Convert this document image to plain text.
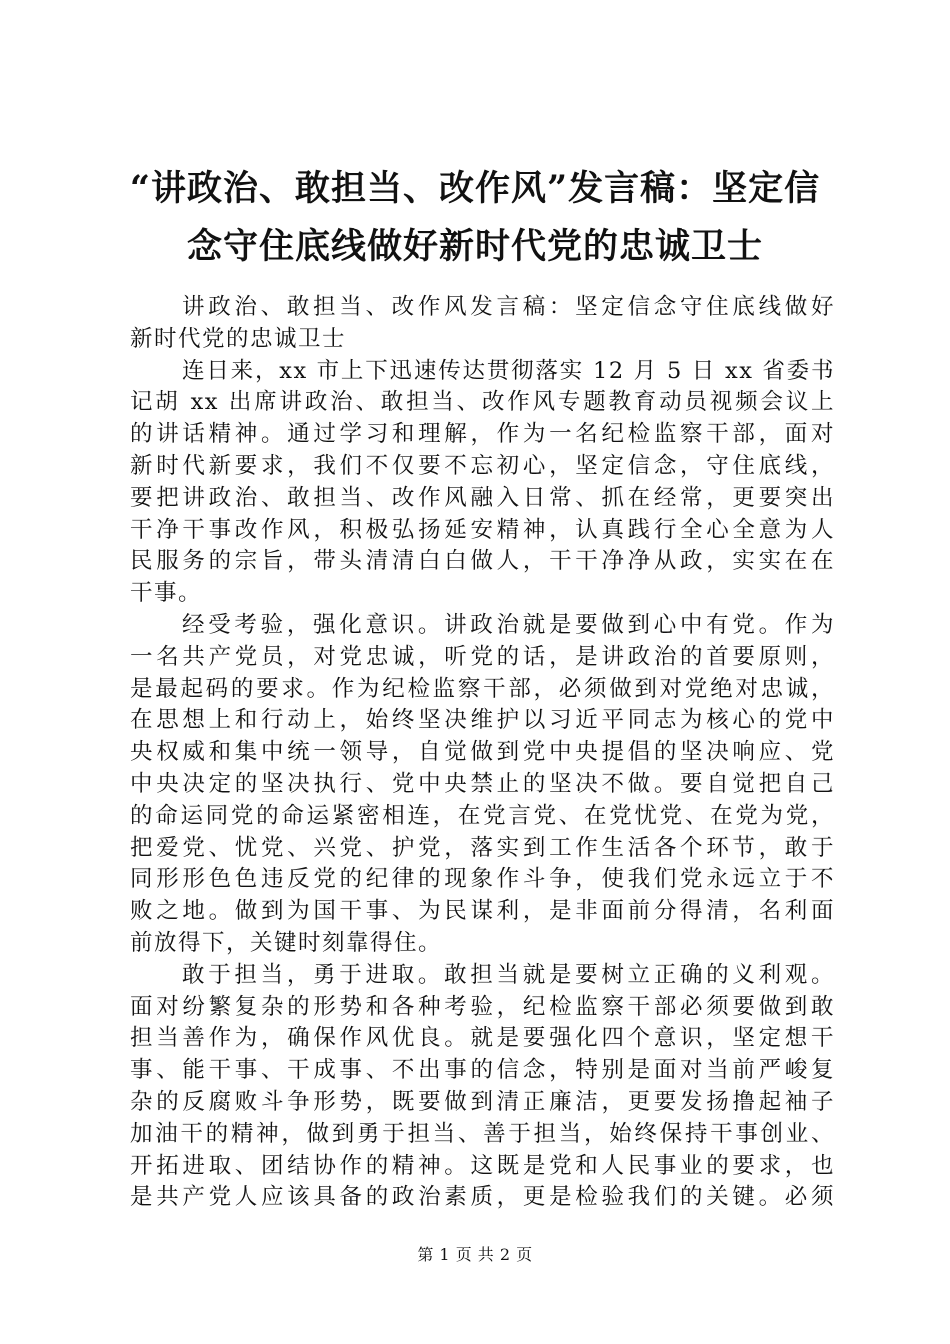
“讲政治、敢担当、改作风”发言稿：坚定信
念守住底线做好新时代党的忠诚卫士
讲政治、敢担当、改作风发言稿：坚定信念守住底线做好
新时代党的忠诚卫士
连日来，xx 市上下迅速传达贯彻落实 12 月 5 日 xx 省委书
记胡 xx 出席讲政治、敢担当、改作风专题教育动员视频会议上
的讲话精神。通过学习和理解，作为一名纪检监察干部，面对
新时代新要求，我们不仅要不忘初心，坚定信念，守住底线，
要把讲政治、敢担当、改作风融入日常、抓在经常，更要突出
干净干事改作风，积极弘扬延安精神，认真践行全心全意为人
民服务的宗旨，带头清清白白做人，干干净净从政，实实在在
干事。
经受考验，强化意识。讲政治就是要做到心中有党。作为
一名共产党员，对党忠诚，听党的话，是讲政治的首要原则，
是最起码的要求。作为纪检监察干部，必须做到对党绝对忠诚，
在思想上和行动上，始终坚决维护以习近平同志为核心的党中
央权威和集中统一领导，自觉做到党中央提倡的坚决响应、党
中央决定的坚决执行、党中央禁止的坚决不做。要自觉把自己
的命运同党的命运紧密相连，在党言党、在党忧党、在党为党，
把爱党、忧党、兴党、护党，落实到工作生活各个环节，敢于
同形形色色违反党的纪律的现象作斗争，使我们党永远立于不
败之地。做到为国干事、为民谋利，是非面前分得清，名利面
前放得下，关键时刻靠得住。
敢于担当，勇于进取。敢担当就是要树立正确的义利观。
面对纷繁复杂的形势和各种考验，纪检监察干部必须要做到敢
担当善作为，确保作风优良。就是要强化四个意识，坚定想干
事、能干事、干成事、不出事的信念，特别是面对当前严峻复
杂的反腐败斗争形势，既要做到清正廉洁，更要发扬撸起袖子
加油干的精神，做到勇于担当、善于担当，始终保持干事创业、
开拓进取、团结协作的精神。这既是党和人民事业的要求，也
是共产党人应该具备的政治素质，更是检验我们的关键。必须
第 1 页 共 2 页
